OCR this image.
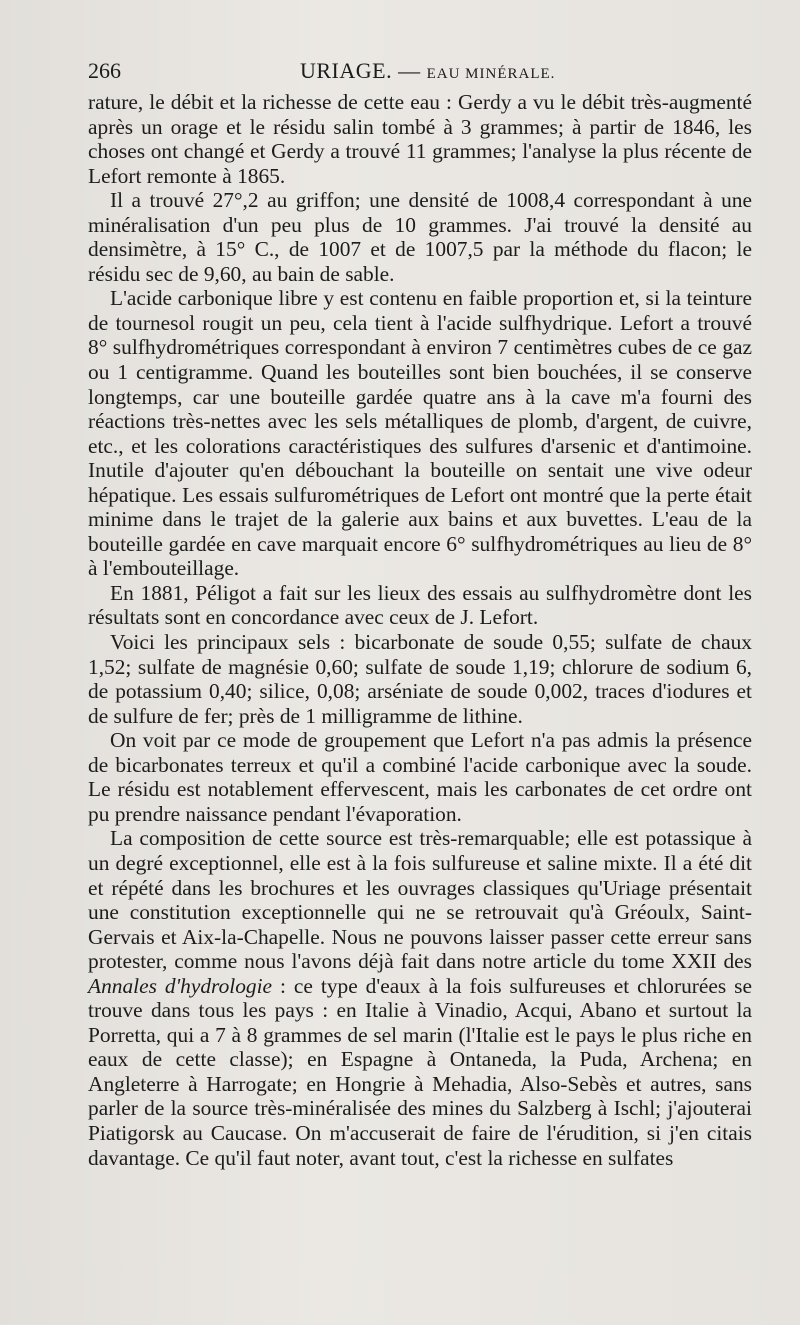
266	URIAGE. — EAU MINÉRALE.

rature, le débit et la richesse de cette eau : Gerdy a vu le débit très-augmenté après un orage et le résidu salin tombé à 3 grammes; à partir de 1846, les choses ont changé et Gerdy a trouvé 11 grammes; l'analyse la plus récente de Lefort remonte à 1865.

Il a trouvé 27°,2 au griffon; une densité de 1008,4 correspondant à une minéralisation d'un peu plus de 10 grammes. J'ai trouvé la densité au densimètre, à 15° C., de 1007 et de 1007,5 par la méthode du flacon; le résidu sec de 9,60, au bain de sable.

L'acide carbonique libre y est contenu en faible proportion et, si la teinture de tournesol rougit un peu, cela tient à l'acide sulfhydrique. Lefort a trouvé 8° sulfhydrométriques correspondant à environ 7 centimètres cubes de ce gaz ou 1 centigramme. Quand les bouteilles sont bien bouchées, il se conserve longtemps, car une bouteille gardée quatre ans à la cave m'a fourni des réactions très-nettes avec les sels métalliques de plomb, d'argent, de cuivre, etc., et les colorations caractéristiques des sulfures d'arsenic et d'antimoine. Inutile d'ajouter qu'en débouchant la bouteille on sentait une vive odeur hépatique. Les essais sulfurométriques de Lefort ont montré que la perte était minime dans le trajet de la galerie aux bains et aux buvettes. L'eau de la bouteille gardée en cave marquait encore 6° sulfhydrométriques au lieu de 8° à l'embouteillage.

En 1881, Péligot a fait sur les lieux des essais au sulfhydromètre dont les résultats sont en concordance avec ceux de J. Lefort.

Voici les principaux sels : bicarbonate de soude 0,55; sulfate de chaux 1,52; sulfate de magnésie 0,60; sulfate de soude 1,19; chlorure de sodium 6, de potassium 0,40; silice, 0,08; arséniate de soude 0,002, traces d'iodures et de sulfure de fer; près de 1 milligramme de lithine.

On voit par ce mode de groupement que Lefort n'a pas admis la présence de bicarbonates terreux et qu'il a combiné l'acide carbonique avec la soude. Le résidu est notablement effervescent, mais les carbonates de cet ordre ont pu prendre naissance pendant l'évaporation.

La composition de cette source est très-remarquable; elle est potassique à un degré exceptionnel, elle est à la fois sulfureuse et saline mixte. Il a été dit et répété dans les brochures et les ouvrages classiques qu'Uriage présentait une constitution exceptionnelle qui ne se retrouvait qu'à Gréoulx, Saint-Gervais et Aix-la-Chapelle. Nous ne pouvons laisser passer cette erreur sans protester, comme nous l'avons déjà fait dans notre article du tome XXII des Annales d'hydrologie : ce type d'eaux à la fois sulfureuses et chlorurées se trouve dans tous les pays : en Italie à Vinadio, Acqui, Abano et surtout la Porretta, qui a 7 à 8 grammes de sel marin (l'Italie est le pays le plus riche en eaux de cette classe); en Espagne à Ontaneda, la Puda, Archena; en Angleterre à Harrogate; en Hongrie à Mehadia, Also-Sebès et autres, sans parler de la source très-minéralisée des mines du Salzberg à Ischl; j'ajouterai Piatigorsk au Caucase. On m'accuserait de faire de l'érudition, si j'en citais davantage. Ce qu'il faut noter, avant tout, c'est la richesse en sulfates
